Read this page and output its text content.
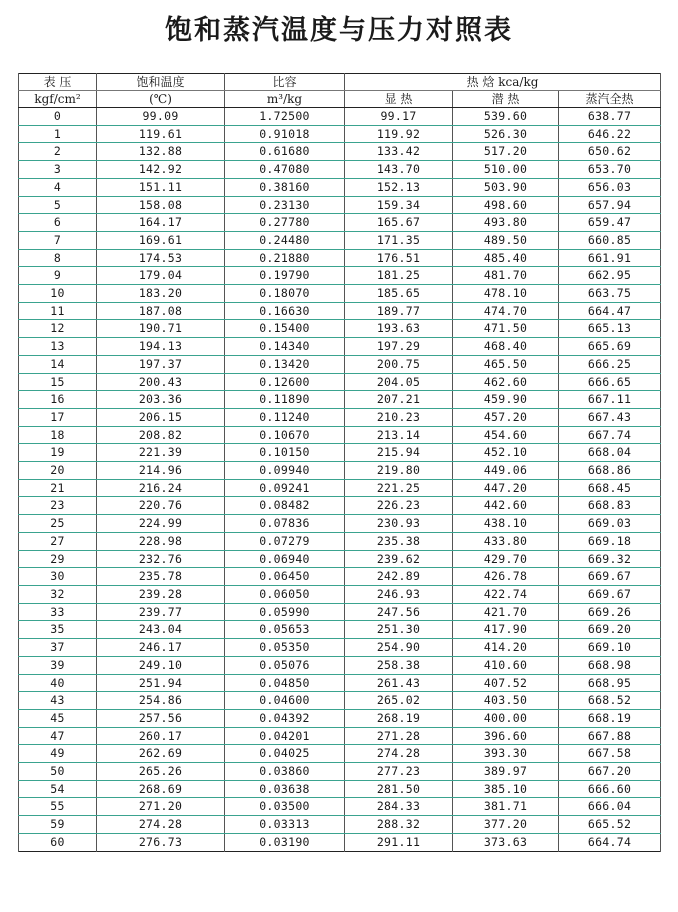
饱和蒸汽温度与压力对照表
表 压	饱和温度	比容	热 焓 kca/kg		
kgf/cm²	(℃)	m³/kg	显 热	潜 热	蒸汽全热
0	99.09	1.72500	99.17	539.60	638.77
1	119.61	0.91018	119.92	526.30	646.22
2	132.88	0.61680	133.42	517.20	650.62
3	142.92	0.47080	143.70	510.00	653.70
4	151.11	0.38160	152.13	503.90	656.03
5	158.08	0.23130	159.34	498.60	657.94
6	164.17	0.27780	165.67	493.80	659.47
7	169.61	0.24480	171.35	489.50	660.85
8	174.53	0.21880	176.51	485.40	661.91
9	179.04	0.19790	181.25	481.70	662.95
10	183.20	0.18070	185.65	478.10	663.75
11	187.08	0.16630	189.77	474.70	664.47
12	190.71	0.15400	193.63	471.50	665.13
13	194.13	0.14340	197.29	468.40	665.69
14	197.37	0.13420	200.75	465.50	666.25
15	200.43	0.12600	204.05	462.60	666.65
16	203.36	0.11890	207.21	459.90	667.11
17	206.15	0.11240	210.23	457.20	667.43
18	208.82	0.10670	213.14	454.60	667.74
19	221.39	0.10150	215.94	452.10	668.04
20	214.96	0.09940	219.80	449.06	668.86
21	216.24	0.09241	221.25	447.20	668.45
23	220.76	0.08482	226.23	442.60	668.83
25	224.99	0.07836	230.93	438.10	669.03
27	228.98	0.07279	235.38	433.80	669.18
29	232.76	0.06940	239.62	429.70	669.32
30	235.78	0.06450	242.89	426.78	669.67
32	239.28	0.06050	246.93	422.74	669.67
33	239.77	0.05990	247.56	421.70	669.26
35	243.04	0.05653	251.30	417.90	669.20
37	246.17	0.05350	254.90	414.20	669.10
39	249.10	0.05076	258.38	410.60	668.98
40	251.94	0.04850	261.43	407.52	668.95
43	254.86	0.04600	265.02	403.50	668.52
45	257.56	0.04392	268.19	400.00	668.19
47	260.17	0.04201	271.28	396.60	667.88
49	262.69	0.04025	274.28	393.30	667.58
50	265.26	0.03860	277.23	389.97	667.20
54	268.69	0.03638	281.50	385.10	666.60
55	271.20	0.03500	284.33	381.71	666.04
59	274.28	0.03313	288.32	377.20	665.52
60	276.73	0.03190	291.11	373.63	664.74
